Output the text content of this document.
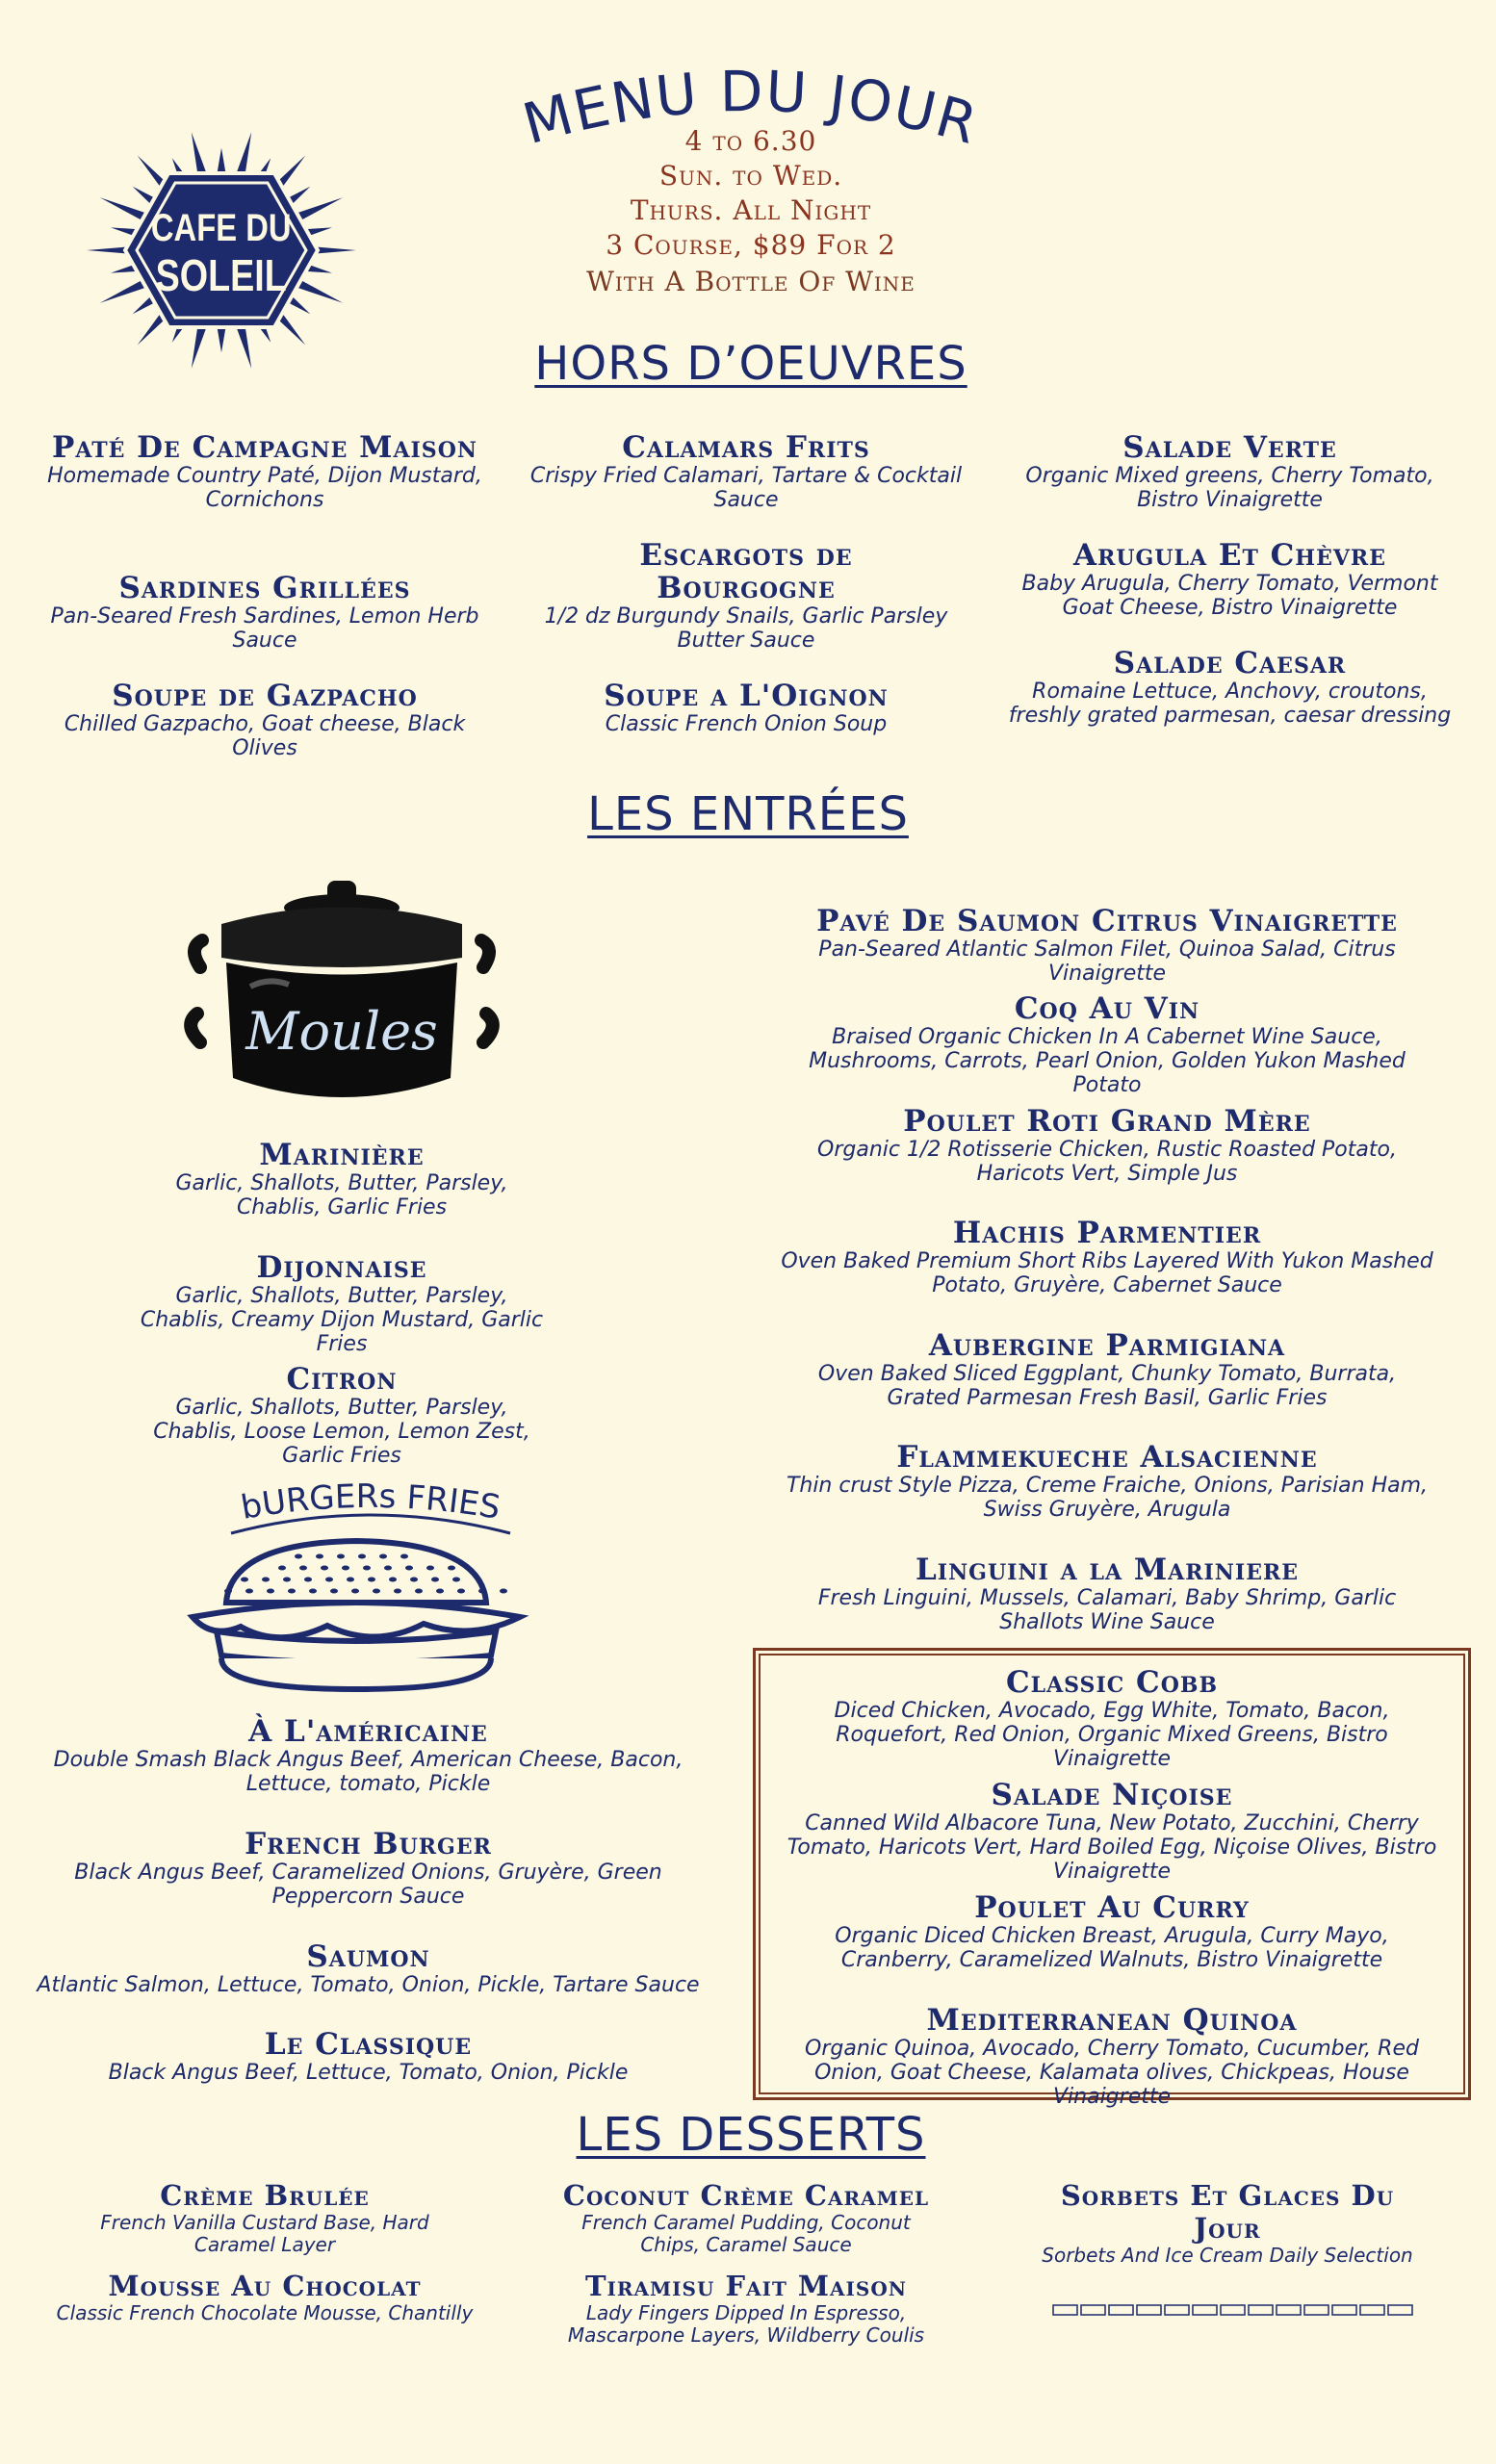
CAFE DU
SOLEIL
MENU DU JOUR
4 to 6.30
Sun. to Wed.
Thurs. All Night
3 Course, $89 For 2
With A Bottle Of Wine
HORS D’OEUVRES
Paté De Campagne Maison
Homemade Country Paté, Dijon Mustard, Cornichons
Sardines Grillées
Pan-Seared Fresh Sardines, Lemon Herb Sauce
Soupe de Gazpacho
Chilled Gazpacho, Goat cheese, Black Olives
Calamars Frits
Crispy Fried Calamari, Tartare & Cocktail Sauce
Escargots de Bourgogne
1/2 dz Burgundy Snails, Garlic Parsley Butter Sauce
Soupe a L'Oignon
Classic French Onion Soup
Salade Verte
Organic Mixed greens, Cherry Tomato, Bistro Vinaigrette
Arugula Et Chèvre
Baby Arugula, Cherry Tomato, Vermont Goat Cheese, Bistro Vinaigrette
Salade Caesar
Romaine Lettuce, Anchovy, croutons, freshly grated parmesan, caesar dressing
LES ENTRÉES
Moules
Marinière
Garlic, Shallots, Butter, Parsley, Chablis, Garlic Fries
Dijonnaise
Garlic, Shallots, Butter, Parsley, Chablis, Creamy Dijon Mustard, Garlic Fries
Citron
Garlic, Shallots, Butter, Parsley, Chablis, Loose Lemon, Lemon Zest, Garlic Fries
bURGERs FRIES
À L'américaine
Double Smash Black Angus Beef, American Cheese, Bacon, Lettuce, tomato, Pickle
French Burger
Black Angus Beef, Caramelized Onions, Gruyère, Green Peppercorn Sauce
Saumon
Atlantic Salmon, Lettuce, Tomato, Onion, Pickle, Tartare Sauce
Le Classique
Black Angus Beef, Lettuce, Tomato, Onion, Pickle
Pavé De Saumon Citrus Vinaigrette
Pan-Seared Atlantic Salmon Filet, Quinoa Salad, Citrus Vinaigrette
Coq Au Vin
Braised Organic Chicken In A Cabernet Wine Sauce, Mushrooms, Carrots, Pearl Onion, Golden Yukon Mashed Potato
Poulet Roti Grand Mère
Organic 1/2 Rotisserie Chicken, Rustic Roasted Potato, Haricots Vert, Simple Jus
Hachis Parmentier
Oven Baked Premium Short Ribs Layered With Yukon Mashed Potato, Gruyère, Cabernet Sauce
Aubergine Parmigiana
Oven Baked Sliced Eggplant, Chunky Tomato, Burrata, Grated Parmesan Fresh Basil, Garlic Fries
Flammekueche Alsacienne
Thin crust Style Pizza, Creme Fraiche, Onions, Parisian Ham, Swiss Gruyère, Arugula
Linguini a la Mariniere
Fresh Linguini, Mussels, Calamari, Baby Shrimp, Garlic Shallots Wine Sauce
Classic Cobb
Diced Chicken, Avocado, Egg White, Tomato, Bacon, Roquefort, Red Onion, Organic Mixed Greens, Bistro Vinaigrette
Salade Niçoise
Canned Wild Albacore Tuna, New Potato, Zucchini, Cherry Tomato, Haricots Vert, Hard Boiled Egg, Niçoise Olives, Bistro Vinaigrette
Poulet Au Curry
Organic Diced Chicken Breast, Arugula, Curry Mayo, Cranberry, Caramelized Walnuts, Bistro Vinaigrette
Mediterranean Quinoa
Organic Quinoa, Avocado, Cherry Tomato, Cucumber, Red Onion, Goat Cheese, Kalamata olives, Chickpeas, House Vinaigrette
LES DESSERTS
Crème Brulée
French Vanilla Custard Base, Hard Caramel Layer
Mousse Au Chocolat
Classic French Chocolate Mousse, Chantilly
Coconut Crème Caramel
French Caramel Pudding, Coconut Chips, Caramel Sauce
Tiramisu Fait Maison
Lady Fingers Dipped In Espresso, Mascarpone Layers, Wildberry Coulis
Sorbets Et Glaces Du Jour
Sorbets And Ice Cream Daily Selection
